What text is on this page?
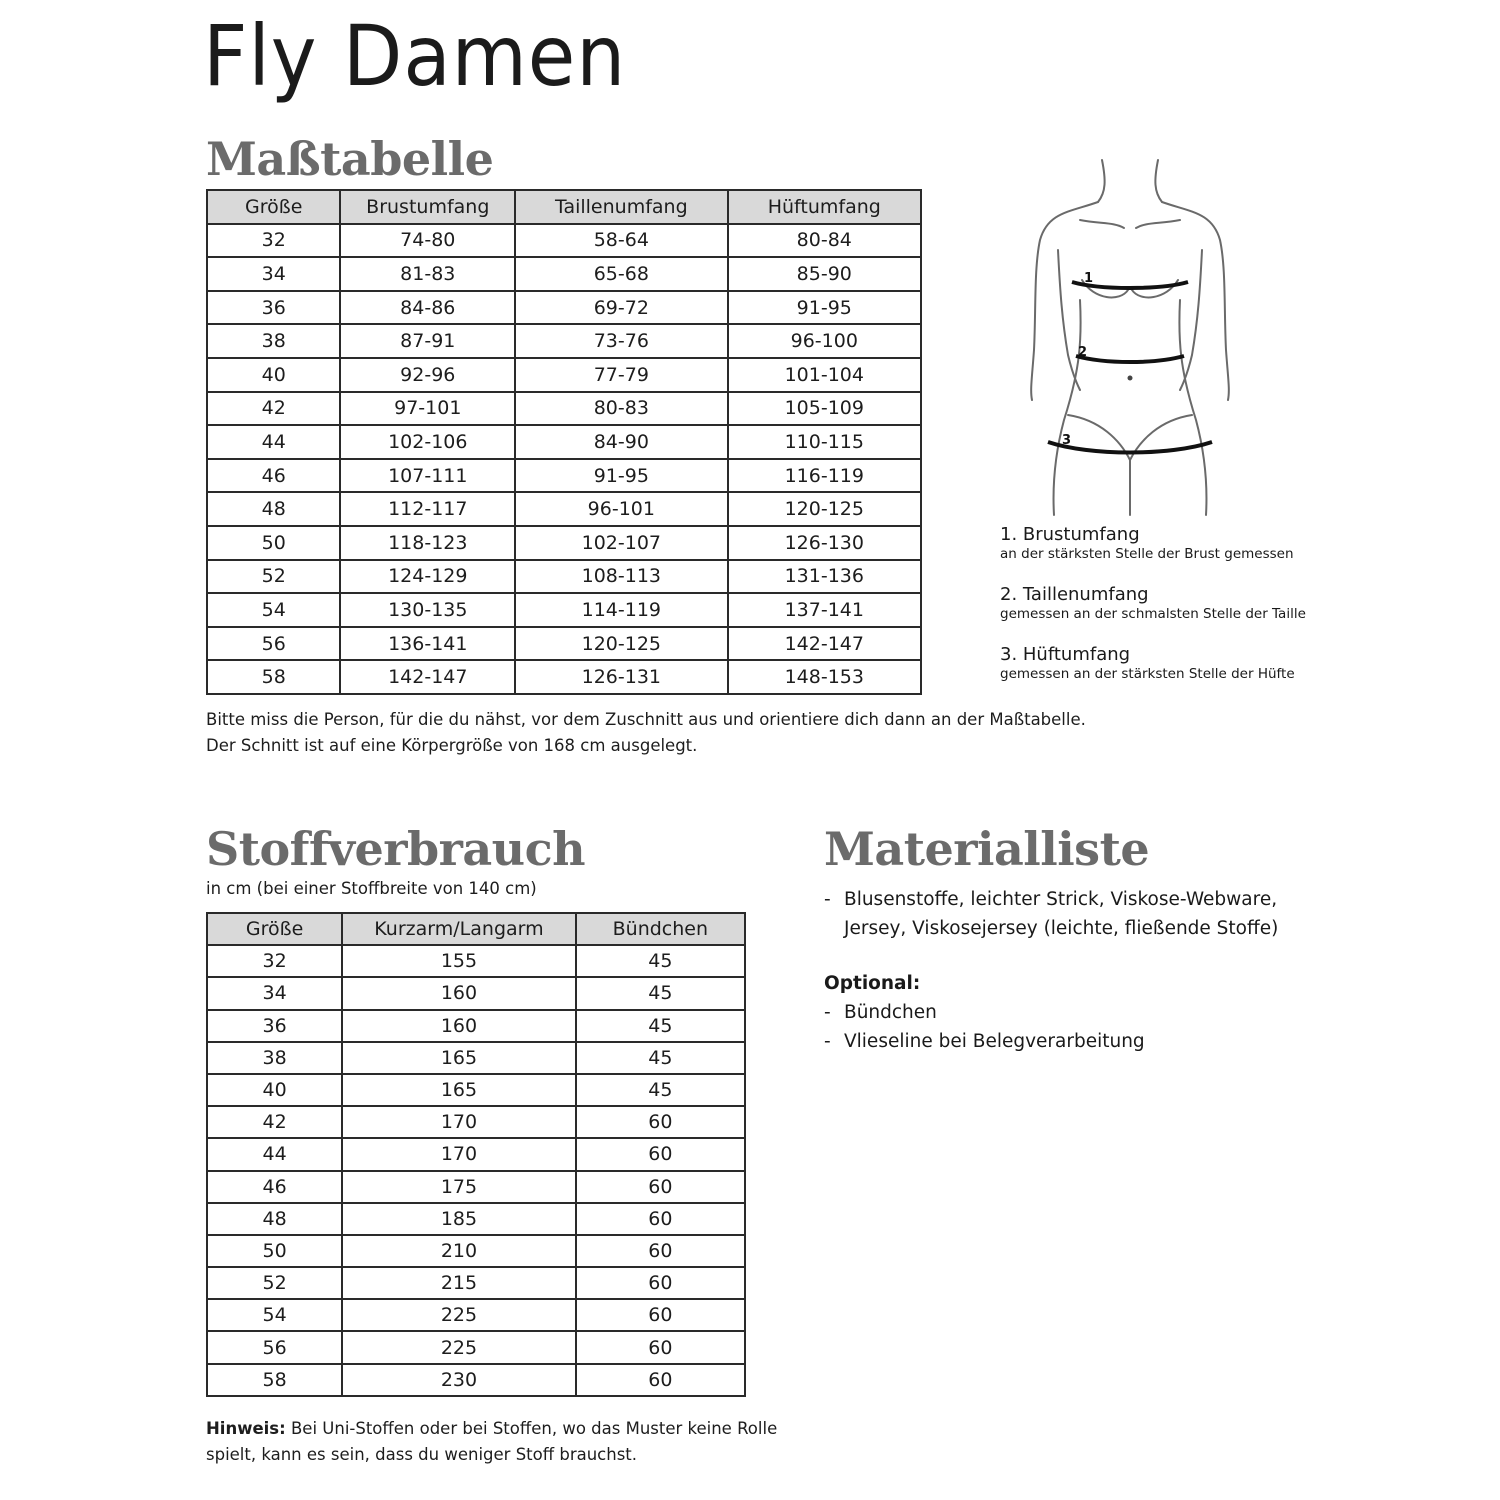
Fly Damen
Maßtabelle
Größe	Brustumfang	Taillenumfang	Hüftumfang
32	74-80	58-64	80-84
34	81-83	65-68	85-90
36	84-86	69-72	91-95
38	87-91	73-76	96-100
40	92-96	77-79	101-104
42	97-101	80-83	105-109
44	102-106	84-90	110-115
46	107-111	91-95	116-119
48	112-117	96-101	120-125
50	118-123	102-107	126-130
52	124-129	108-113	131-136
54	130-135	114-119	137-141
56	136-141	120-125	142-147
58	142-147	126-131	148-153
Bitte miss die Person, für die du nähst, vor dem Zuschnitt aus und orientiere dich dann an der Maßtabelle.
Der Schnitt ist auf eine Körpergröße von 168 cm ausgelegt.
1
2
3
1. Brustumfang
an der stärksten Stelle der Brust gemessen
2. Taillenumfang
gemessen an der schmalsten Stelle der Taille
3. Hüftumfang
gemessen an der stärksten Stelle der Hüfte
Stoffverbrauch
in cm (bei einer Stoffbreite von 140 cm)
Größe	Kurzarm/Langarm	Bündchen
32	155	45
34	160	45
36	160	45
38	165	45
40	165	45
42	170	60
44	170	60
46	175	60
48	185	60
50	210	60
52	215	60
54	225	60
56	225	60
58	230	60
Hinweis: Bei Uni-Stoffen oder bei Stoffen, wo das Muster keine Rolle
spielt, kann es sein, dass du weniger Stoff brauchst.
Materialliste
- Blusenstoffe, leichter Strick, Viskose-Webware,
Jersey, Viskosejersey (leichte, fließende Stoffe)
Optional:
- Bündchen
- Vlieseline bei Belegverarbeitung
